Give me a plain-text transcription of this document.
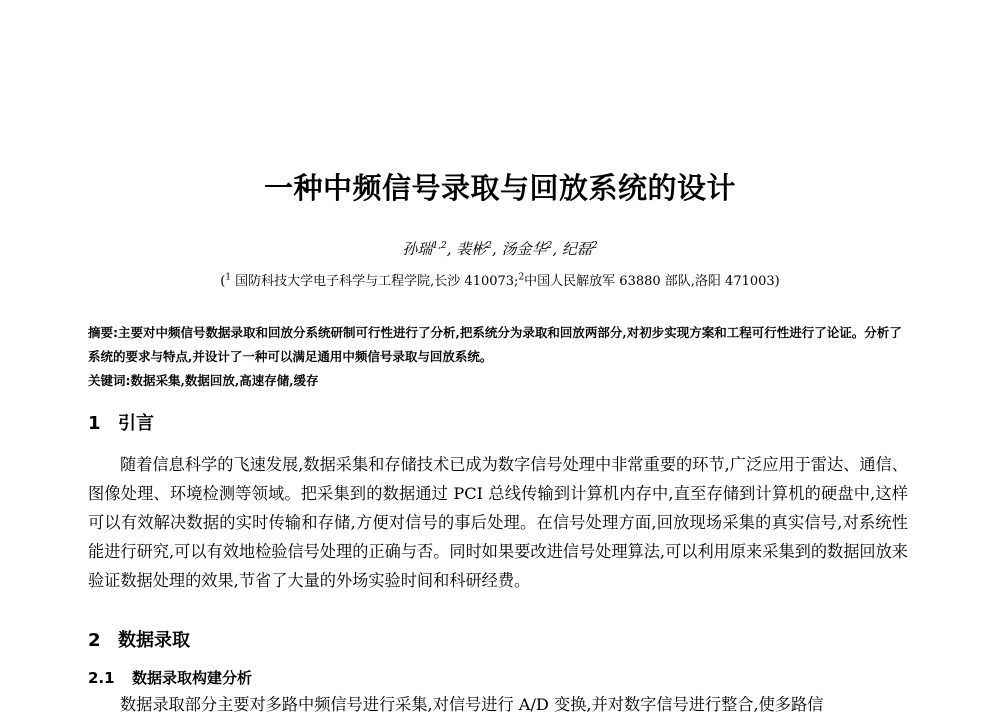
一种中频信号录取与回放系统的设计
孙瑞$^{1,2}$, 裴彬$^2$, 汤金华$^2$, 纪磊$^2$
($^1$ 国防科技大学电子科学与工程学院,长沙 410073;$^2$中国人民解放军 63880 部队,洛阳 471003)

摘要:主要对中频信号数据录取和回放分系统研制可行性进行了分析,把系统分为录取和回放两部分,对初步实现方案和工程可行性进行了论证。分析了系统的要求与特点,并设计了一种可以满足通用中频信号录取与回放系统。

关键词:数据采集,数据回放,高速存储,缓存

1 引言

随着信息科学的飞速发展,数据采集和存储技术已成为数字信号处理中非常重要的环节,广泛应用于雷达、通信、图像处理、环境检测等领域。把采集到的数据通过 PCI 总线传输到计算机内存中,直至存储到计算机的硬盘中,这样可以有效解决数据的实时传输和存储,方便对信号的事后处理。在信号处理方面,回放现场采集的真实信号,对系统性能进行研究,可以有效地检验信号处理的正确与否。同时如果要改进信号处理算法,可以利用原来采集到的数据回放来验证数据处理的效果,节省了大量的外场实验时间和科研经费。

2 数据录取
2.1 数据录取构建分析

数据录取部分主要对多路中频信号进行采集,对信号进行 A/D 变换,并对数字信号进行整合,使多路信
